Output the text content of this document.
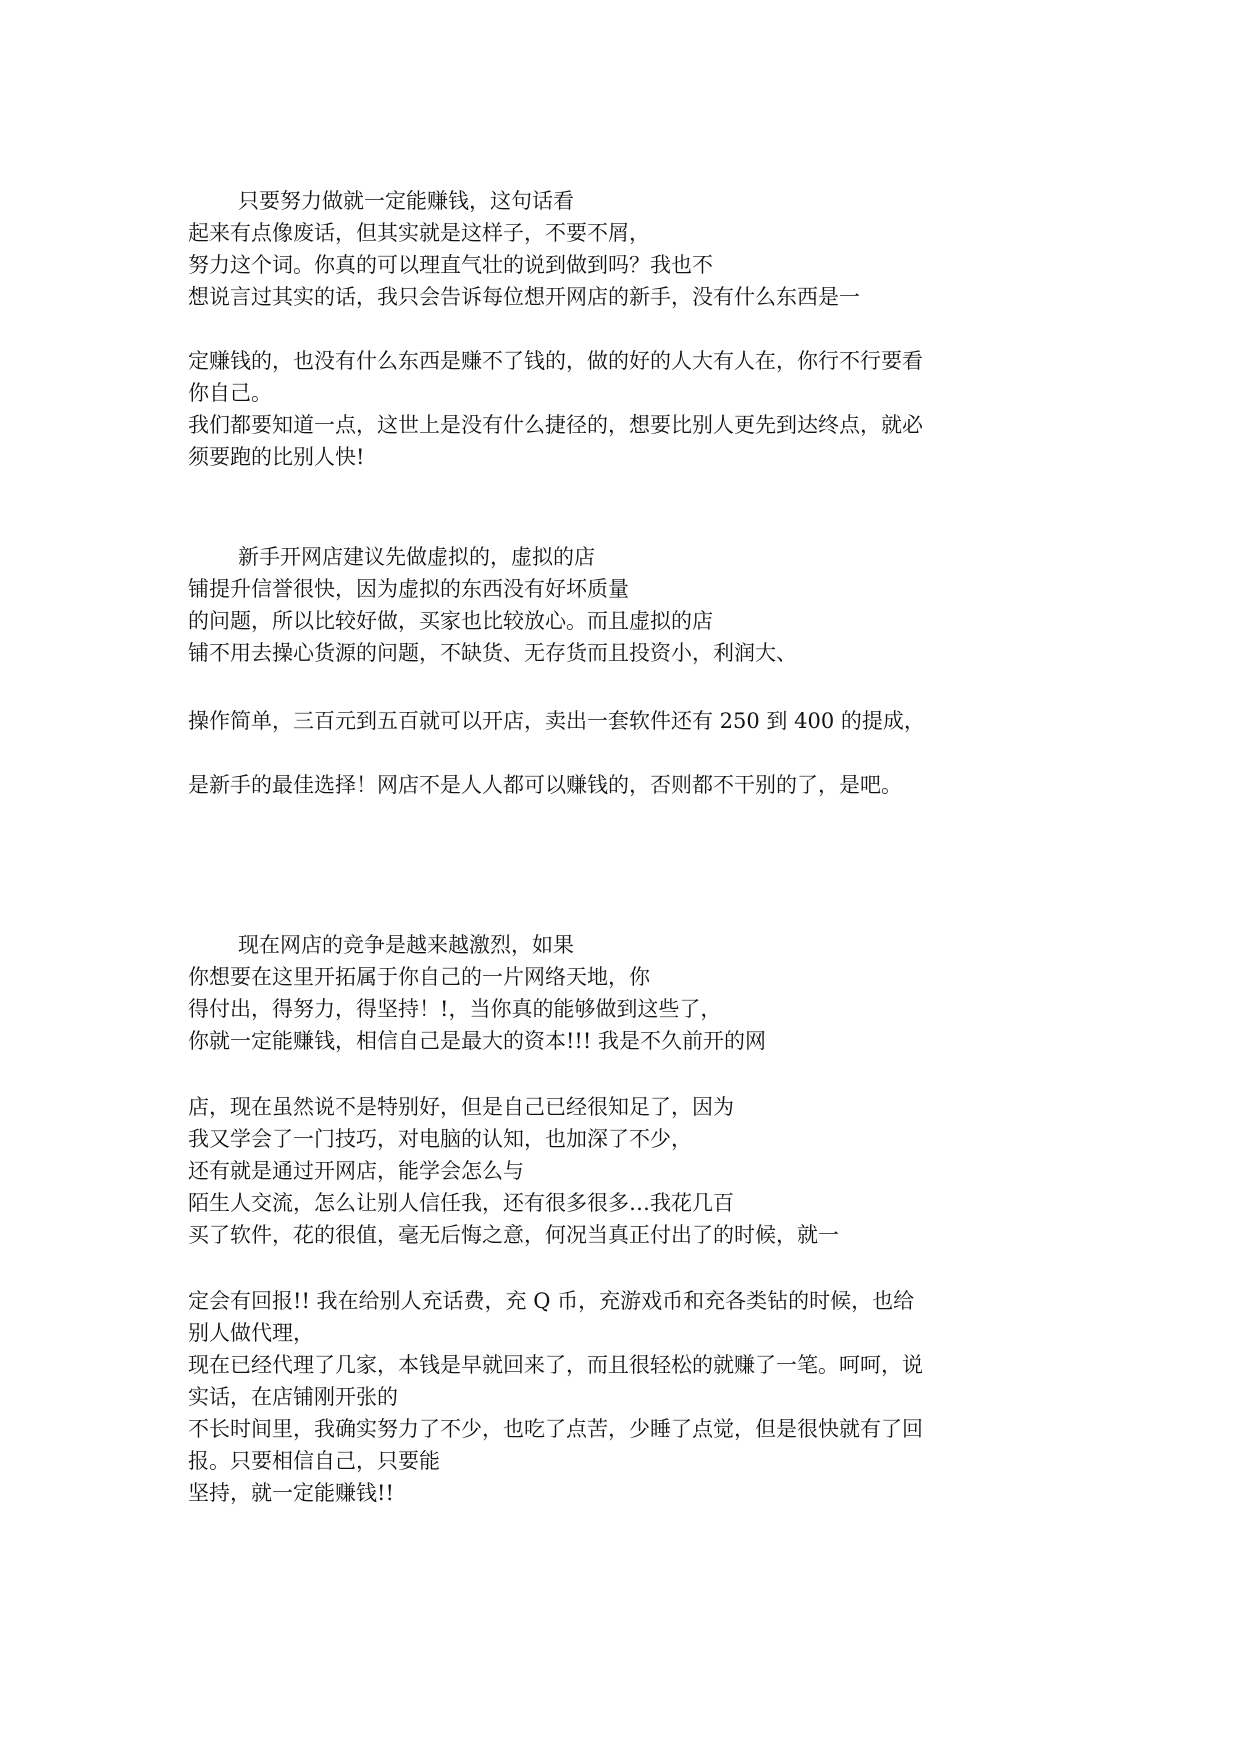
只要努力做就一定能赚钱，这句话看
起来有点像废话，但其实就是这样子，不要不屑，
努力这个词。你真的可以理直气壮的说到做到吗？我也不
想说言过其实的话，我只会告诉每位想开网店的新手，没有什么东西是一
定赚钱的，也没有什么东西是赚不了钱的，做的好的人大有人在，你行不行要看
你自己。
我们都要知道一点，这世上是没有什么捷径的，想要比别人更先到达终点，就必
须要跑的比别人快!
新手开网店建议先做虚拟的，虚拟的店
铺提升信誉很快，因为虚拟的东西没有好坏质量
的问题，所以比较好做，买家也比较放心。而且虚拟的店
铺不用去操心货源的问题，不缺货、无存货而且投资小，利润大、
操作简单，三百元到五百就可以开店，卖出一套软件还有 250 到 400 的提成，
是新手的最佳选择！网店不是人人都可以赚钱的，否则都不干别的了，是吧。
现在网店的竞争是越来越激烈，如果
你想要在这里开拓属于你自己的一片网络天地，你
得付出，得努力，得坚持！!，当你真的能够做到这些了，
你就一定能赚钱，相信自己是最大的资本!!! 我是不久前开的网
店，现在虽然说不是特别好，但是自己已经很知足了，因为
我又学会了一门技巧，对电脑的认知，也加深了不少，
还有就是通过开网店，能学会怎么与
陌生人交流，怎么让别人信任我，还有很多很多…我花几百
买了软件，花的很值，毫无后悔之意，何况当真正付出了的时候，就一
定会有回报!! 我在给别人充话费，充 Q 币，充游戏币和充各类钻的时候，也给
别人做代理，
现在已经代理了几家，本钱是早就回来了，而且很轻松的就赚了一笔。呵呵，说
实话，在店铺刚开张的
不长时间里，我确实努力了不少，也吃了点苦，少睡了点觉，但是很快就有了回
报。只要相信自己，只要能
坚持，就一定能赚钱!!
